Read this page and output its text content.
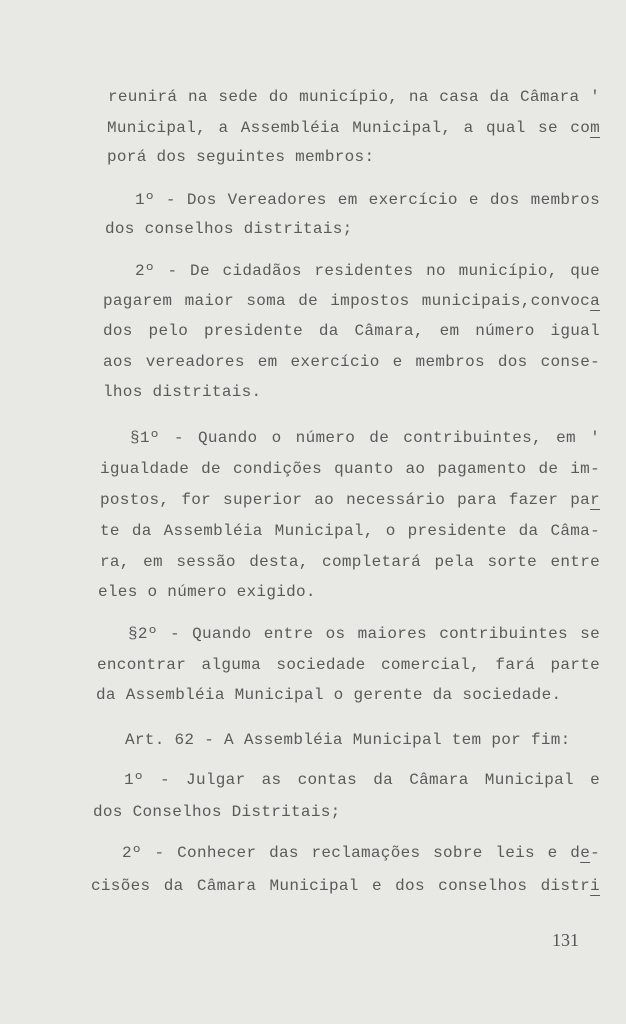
reunirá na sede do município, na casa da Câmara '
Municipal, a Assembléia Municipal, a qual se com
porá dos seguintes membros:
1º - Dos Vereadores em exercício e dos membros
dos conselhos distritais;
2º - De cidadãos residentes no município, que
pagarem maior soma de impostos municipais,convoca
dos pelo presidente da Câmara, em número igual
aos vereadores em exercício e membros dos conse-
lhos distritais.
§1º - Quando o número de contribuintes, em '
igualdade de condições quanto ao pagamento de im-
postos, for superior ao necessário para fazer par
te da Assembléia Municipal, o presidente da Câma-
ra, em sessão desta, completará pela sorte entre
eles o número exigido.
§2º - Quando entre os maiores contribuintes se
encontrar alguma sociedade comercial, fará parte
da Assembléia Municipal o gerente da sociedade.
Art. 62 - A Assembléia Municipal tem por fim:
1º - Julgar as contas da Câmara Municipal e
dos Conselhos Distritais;
2º - Conhecer das reclamações sobre leis e de-
cisões da Câmara Municipal e dos conselhos distri
131
